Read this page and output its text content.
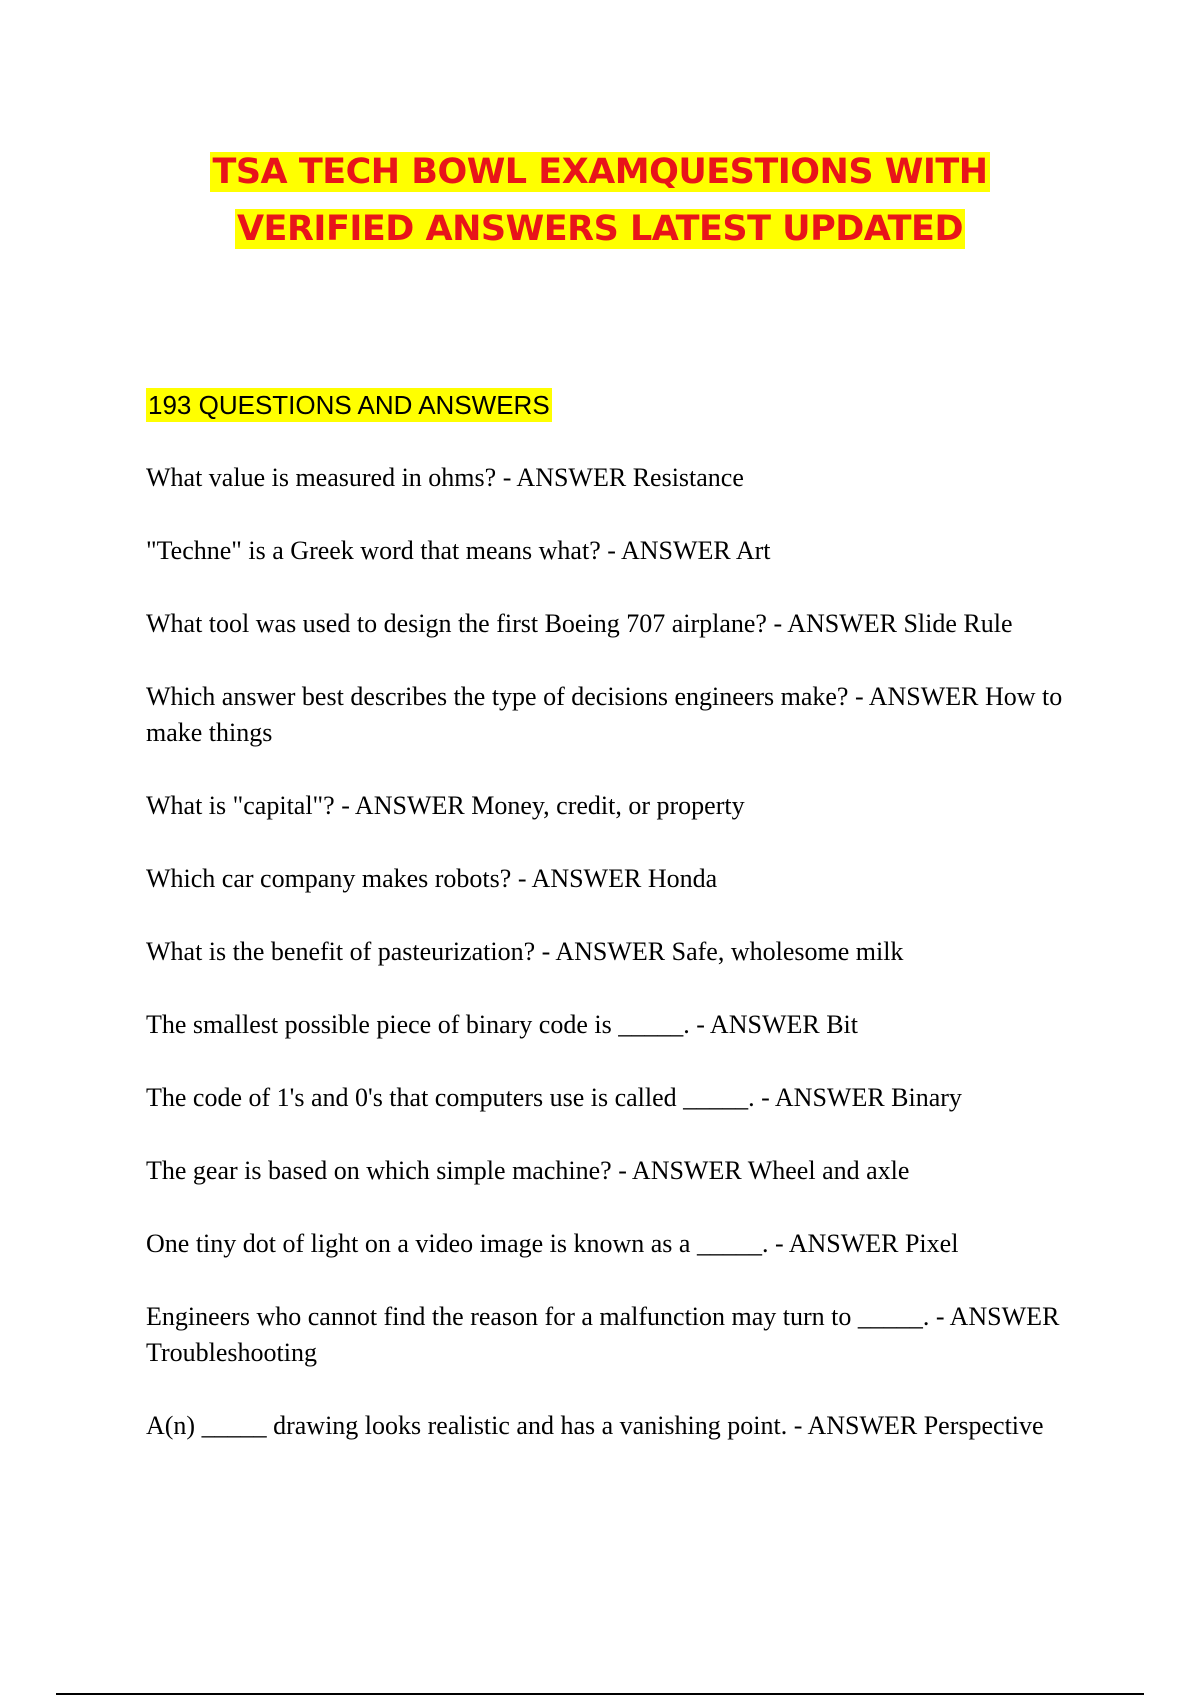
TSA TECH BOWL EXAMQUESTIONS WITH
VERIFIED ANSWERS LATEST UPDATED
193 QUESTIONS AND ANSWERS
What value is measured in ohms? - ANSWER Resistance
"Techne" is a Greek word that means what? - ANSWER Art
What tool was used to design the first Boeing 707 airplane? - ANSWER Slide Rule
Which answer best describes the type of decisions engineers make? - ANSWER How to make things
What is "capital"? - ANSWER Money, credit, or property
Which car company makes robots? - ANSWER Honda
What is the benefit of pasteurization? - ANSWER Safe, wholesome milk
The smallest possible piece of binary code is _____. - ANSWER Bit
The code of 1's and 0's that computers use is called _____. - ANSWER Binary
The gear is based on which simple machine? - ANSWER Wheel and axle
One tiny dot of light on a video image is known as a _____. - ANSWER Pixel
Engineers who cannot find the reason for a malfunction may turn to _____. - ANSWER Troubleshooting
A(n) _____ drawing looks realistic and has a vanishing point. - ANSWER Perspective
